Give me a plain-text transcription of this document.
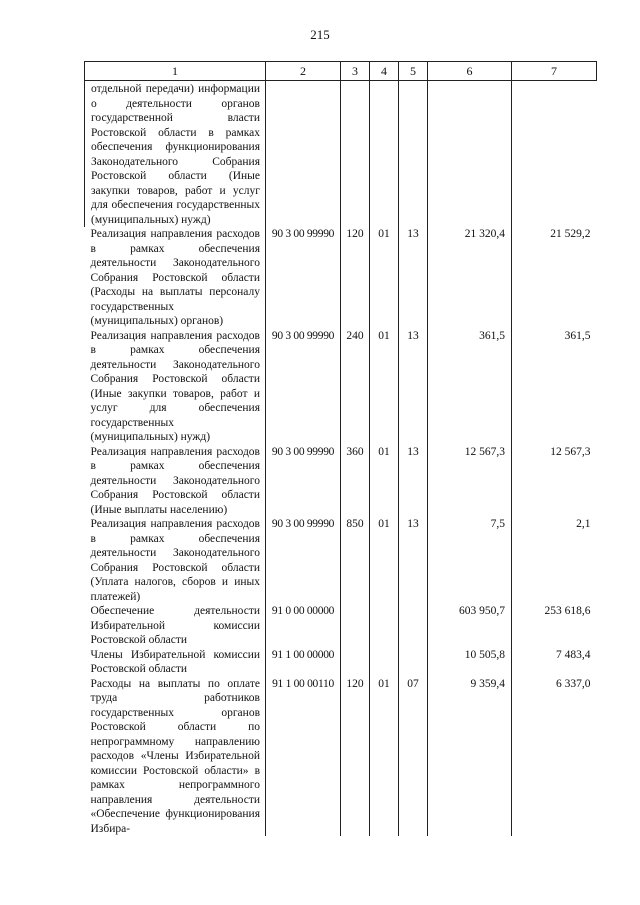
215
1	2	3	4	5	6	7
отдельной передачи) информации о деятельности органов государственной власти Ростовской области в рамках обеспечения функционирования Законодательного Собрания Ростовской области (Иные закупки товаров, работ и услуг для обеспечения государственных (муниципальных) нужд)						
Реализация направления расходов в рамках обеспечения деятельности Законодательного Собрания Ростовской области (Расходы на выплаты персоналу государственных (муниципальных) органов)	90 3 00 99990	120	01	13	21 320,4	21 529,2
Реализация направления расходов в рамках обеспечения деятельности Законодательного Собрания Ростовской области (Иные закупки товаров, работ и услуг для обеспечения государственных (муниципальных) нужд)	90 3 00 99990	240	01	13	361,5	361,5
Реализация направления расходов в рамках обеспечения деятельности Законодательного Собрания Ростовской области (Иные выплаты населению)	90 3 00 99990	360	01	13	12 567,3	12 567,3
Реализация направления расходов в рамках обеспечения деятельности Законодательного Собрания Ростовской области (Уплата налогов, сборов и иных платежей)	90 3 00 99990	850	01	13	7,5	2,1
Обеспечение деятельности Избирательной комиссии Ростовской области	91 0 00 00000				603 950,7	253 618,6
Члены Избирательной комиссии Ростовской области	91 1 00 00000				10 505,8	7 483,4
Расходы на выплаты по оплате труда работников государственных органов Ростовской области по непрограммному направлению расходов «Члены Избирательной комиссии Ростовской области» в рамках непрограммного направления деятельности «Обеспечение функционирования Избира-	91 1 00 00110	120	01	07	9 359,4	6 337,0
